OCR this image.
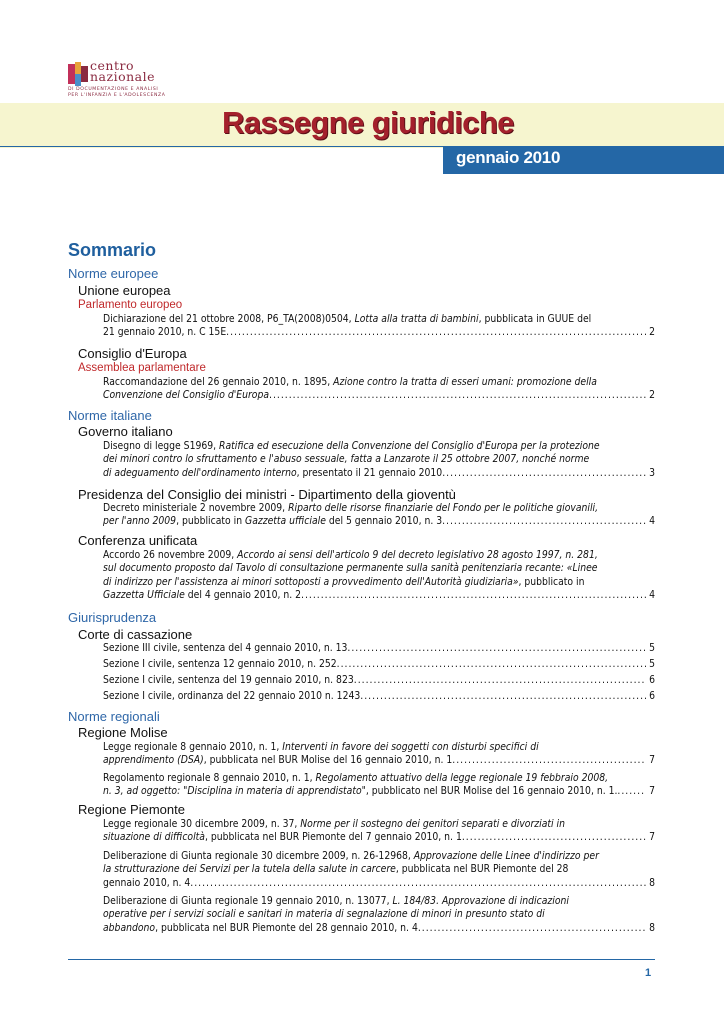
centro
nazionale
DI DOCUMENTAZIONE E ANALISI
PER L'INFANZIA E L'ADOLESCENZA
Rassegne giuridiche
gennaio 2010
Sommario
Norme europee
Unione europea
Parlamento europeo
Dichiarazione del 21 ottobre 2008, P6_TA(2008)0504, Lotta alla tratta di bambini, pubblicata in GUUE del
21 gennaio 2010, n. C 15E .....	2
Consiglio d'Europa
Assemblea parlamentare
Raccomandazione del 26 gennaio 2010, n. 1895, Azione contro la tratta di esseri umani: promozione della
Convenzione del Consiglio d'Europa .....	2
Norme italiane
Governo italiano
Disegno di legge S1969, Ratifica ed esecuzione della Convenzione del Consiglio d'Europa per la protezione
dei minori contro lo sfruttamento e l'abuso sessuale, fatta a Lanzarote il 25 ottobre 2007, nonché norme
di adeguamento dell'ordinamento interno, presentato il 21 gennaio 2010 .....	3
Presidenza del Consiglio dei ministri - Dipartimento della gioventù
Decreto ministeriale 2 novembre 2009, Riparto delle risorse finanziarie del Fondo per le politiche giovanili,
per l'anno 2009, pubblicato in Gazzetta ufficiale del 5 gennaio 2010, n. 3 .....	4
Conferenza unificata
Accordo 26 novembre 2009, Accordo ai sensi dell'articolo 9 del decreto legislativo 28 agosto 1997, n. 281,
sul documento proposto dal Tavolo di consultazione permanente sulla sanità penitenziaria recante: «Linee
di indirizzo per l'assistenza ai minori sottoposti a provvedimento dell'Autorità giudiziaria», pubblicato in
Gazzetta Ufficiale del 4 gennaio 2010, n. 2 .....	4
Giurisprudenza
Corte di cassazione
Sezione III civile, sentenza del 4 gennaio 2010, n. 13 .....	5
Sezione I civile, sentenza 12 gennaio 2010, n. 252 .....	5
Sezione I civile, sentenza del 19 gennaio 2010, n. 823 .....	6
Sezione I civile, ordinanza del 22 gennaio 2010 n. 1243 .....	6
Norme regionali
Regione Molise
Legge regionale 8 gennaio 2010, n. 1, Interventi in favore dei soggetti con disturbi specifici di
apprendimento (DSA), pubblicata nel BUR Molise del 16 gennaio 2010, n. 1 .....	7
Regolamento regionale 8 gennaio 2010, n. 1, Regolamento attuativo della legge regionale 19 febbraio 2008,
n. 3, ad oggetto: "Disciplina in materia di apprendistato", pubblicato nel BUR Molise del 16 gennaio 2010, n. 1. .....	7
Regione Piemonte
Legge regionale 30 dicembre 2009, n. 37, Norme per il sostegno dei genitori separati e divorziati in
situazione di difficoltà, pubblicata nel BUR Piemonte del 7 gennaio 2010, n. 1 .....	7
Deliberazione di Giunta regionale 30 dicembre 2009, n. 26-12968, Approvazione delle Linee d'indirizzo per
la strutturazione dei Servizi per la tutela della salute in carcere, pubblicata nel BUR Piemonte del 28
gennaio 2010, n. 4 .....	8
Deliberazione di Giunta regionale 19 gennaio 2010, n. 13077, L. 184/83. Approvazione di indicazioni
operative per i servizi sociali e sanitari in materia di segnalazione di minori in presunto stato di
abbandono, pubblicata nel BUR Piemonte del 28 gennaio 2010, n. 4 .....	8
1
